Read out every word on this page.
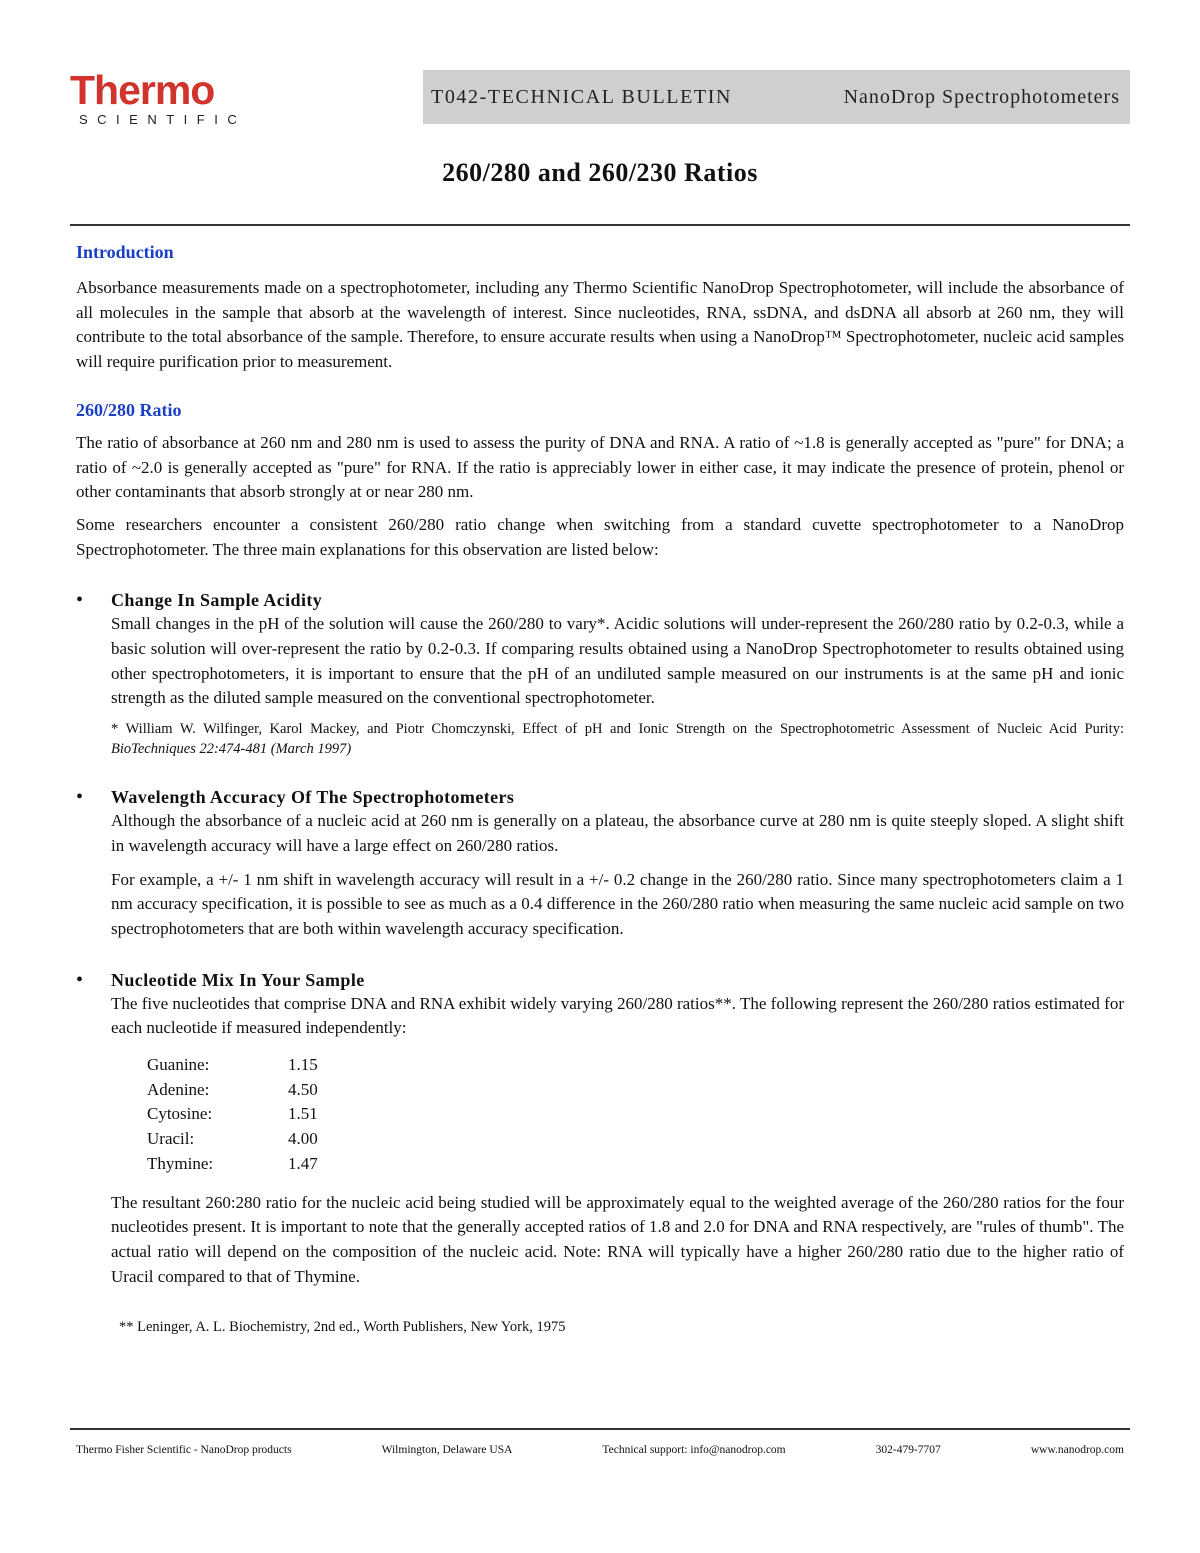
Thermo
SCIENTIFIC
T042-TECHNICAL BULLETIN	NanoDrop Spectrophotometers
260/280 and 260/230 Ratios

Introduction

Absorbance measurements made on a spectrophotometer, including any Thermo Scientific NanoDrop Spectrophotometer, will include the absorbance of all molecules in the sample that absorb at the wavelength of interest. Since nucleotides, RNA, ssDNA, and dsDNA all absorb at 260 nm, they will contribute to the total absorbance of the sample. Therefore, to ensure accurate results when using a NanoDrop™ Spectrophotometer, nucleic acid samples will require purification prior to measurement.

260/280 Ratio

The ratio of absorbance at 260 nm and 280 nm is used to assess the purity of DNA and RNA. A ratio of ~1.8 is generally accepted as "pure" for DNA; a ratio of ~2.0 is generally accepted as "pure" for RNA. If the ratio is appreciably lower in either case, it may indicate the presence of protein, phenol or other contaminants that absorb strongly at or near 280 nm.

Some researchers encounter a consistent 260/280 ratio change when switching from a standard cuvette spectrophotometer to a NanoDrop Spectrophotometer. The three main explanations for this observation are listed below:

• Change In Sample Acidity

Small changes in the pH of the solution will cause the 260/280 to vary*. Acidic solutions will under-represent the 260/280 ratio by 0.2-0.3, while a basic solution will over-represent the ratio by 0.2-0.3. If comparing results obtained using a NanoDrop Spectrophotometer to results obtained using other spectrophotometers, it is important to ensure that the pH of an undiluted sample measured on our instruments is at the same pH and ionic strength as the diluted sample measured on the conventional spectrophotometer.

* William W. Wilfinger, Karol Mackey, and Piotr Chomczynski, Effect of pH and Ionic Strength on the Spectrophotometric Assessment of Nucleic Acid Purity: BioTechniques 22:474-481 (March 1997)

• Wavelength Accuracy Of The Spectrophotometers

Although the absorbance of a nucleic acid at 260 nm is generally on a plateau, the absorbance curve at 280 nm is quite steeply sloped. A slight shift in wavelength accuracy will have a large effect on 260/280 ratios.

For example, a +/- 1 nm shift in wavelength accuracy will result in a +/- 0.2 change in the 260/280 ratio. Since many spectrophotometers claim a 1 nm accuracy specification, it is possible to see as much as a 0.4 difference in the 260/280 ratio when measuring the same nucleic acid sample on two spectrophotometers that are both within wavelength accuracy specification.

• Nucleotide Mix In Your Sample

The five nucleotides that comprise DNA and RNA exhibit widely varying 260/280 ratios**. The following represent the 260/280 ratios estimated for each nucleotide if measured independently:

Guanine:	1.15
Adenine:	4.50
Cytosine:	1.51
Uracil:	4.00
Thymine:	1.47

The resultant 260:280 ratio for the nucleic acid being studied will be approximately equal to the weighted average of the 260/280 ratios for the four nucleotides present. It is important to note that the generally accepted ratios of 1.8 and 2.0 for DNA and RNA respectively, are "rules of thumb". The actual ratio will depend on the composition of the nucleic acid. Note: RNA will typically have a higher 260/280 ratio due to the higher ratio of Uracil compared to that of Thymine.

** Leninger, A. L. Biochemistry, 2nd ed., Worth Publishers, New York, 1975

Thermo Fisher Scientific - NanoDrop products	Wilmington, Delaware USA	Technical support: info@nanodrop.com	302-479-7707	www.nanodrop.com
